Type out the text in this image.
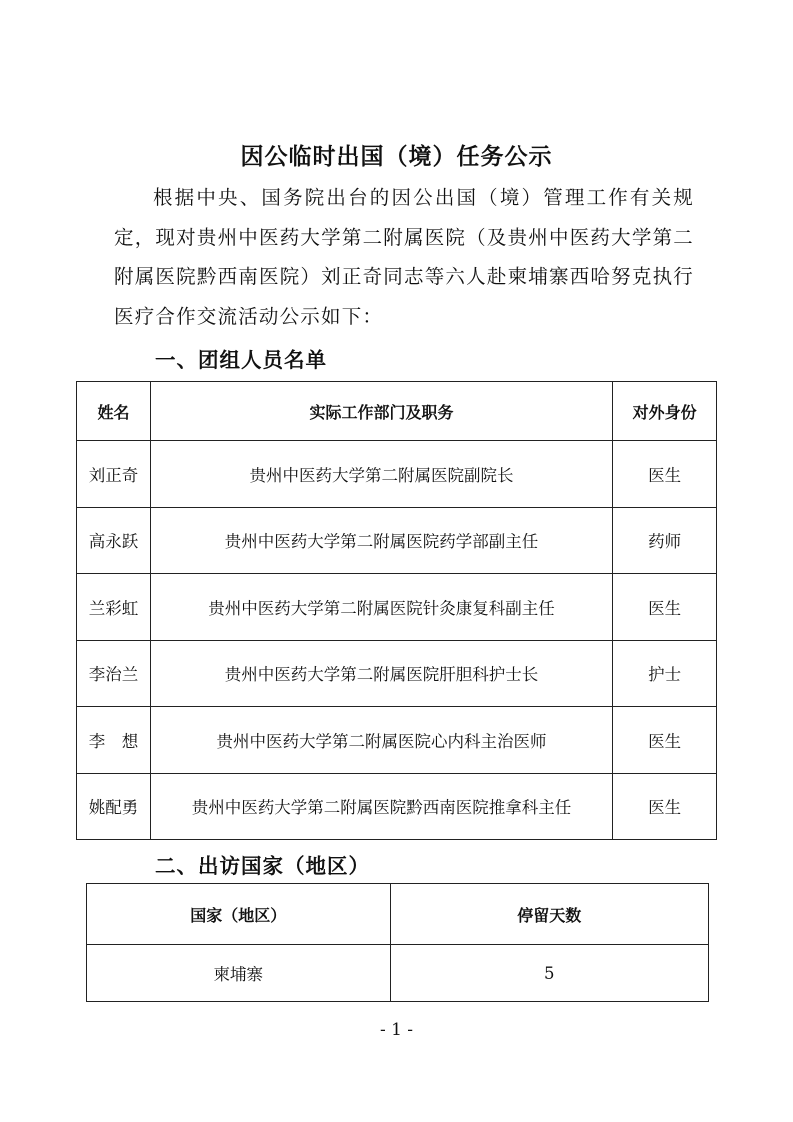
因公临时出国（境）任务公示

根据中央、国务院出台的因公出国（境）管理工作有关规定，现对贵州中医药大学第二附属医院（及贵州中医药大学第二附属医院黔西南医院）刘正奇同志等六人赴柬埔寨西哈努克执行医疗合作交流活动公示如下：

一、团组人员名单
姓名	实际工作部门及职务	对外身份
刘正奇	贵州中医药大学第二附属医院副院长	医生
高永跃	贵州中医药大学第二附属医院药学部副主任	药师
兰彩虹	贵州中医药大学第二附属医院针灸康复科副主任	医生
李治兰	贵州中医药大学第二附属医院肝胆科护士长	护士
李　想	贵州中医药大学第二附属医院心内科主治医师	医生
姚配勇	贵州中医药大学第二附属医院黔西南医院推拿科主任	医生
二、出访国家（地区）
国家（地区）	停留天数
柬埔寨	5
- 1 -
